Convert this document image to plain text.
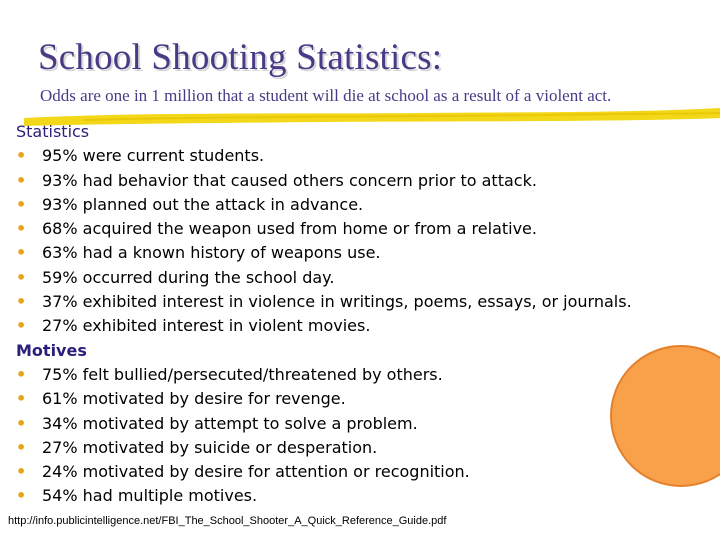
School Shooting Statistics:
Odds are one in 1 million that a student will die at school as a result of a violent act.
Statistics
• 95% were current students.
• 93% had behavior that caused others concern prior to attack.
• 93% planned out the attack in advance.
• 68% acquired the weapon used from home or from a relative.
• 63% had a known history of weapons use.
• 59% occurred during the school day.
• 37% exhibited interest in violence in writings, poems, essays, or journals.
• 27% exhibited interest in violent movies.
Motives
• 75% felt bullied/persecuted/threatened by others.
• 61% motivated by desire for revenge.
• 34% motivated by attempt to solve a problem.
• 27% motivated by suicide or desperation.
• 24% motivated by desire for attention or recognition.
• 54% had multiple motives.
http://info.publicintelligence.net/FBI_The_School_Shooter_A_Quick_Reference_Guide.pdf
